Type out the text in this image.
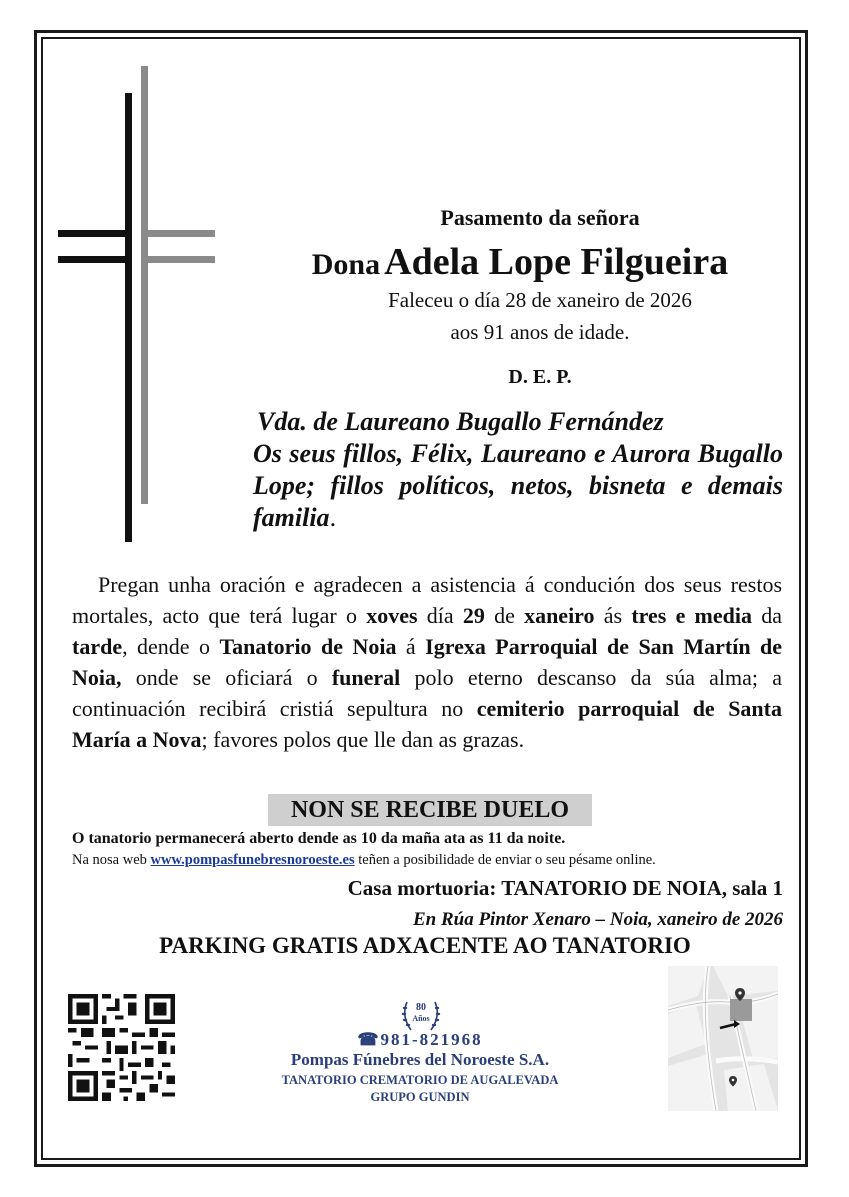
Pasamento da señora
Dona Adela Lope Filgueira
Faleceu o día 28 de xaneiro de 2026
aos 91 anos de idade.
D. E. P.
Vda. de Laureano Bugallo Fernández
Os seus fillos, Félix, Laureano e Aurora Bugallo Lope; fillos políticos, netos, bisneta e demais familia.
Pregan unha oración e agradecen a asistencia á condución dos seus restos mortales, acto que terá lugar o xoves día 29 de xaneiro ás tres e media da tarde, dende o Tanatorio de Noia á Igrexa Parroquial de San Martín de Noia, onde se oficiará o funeral polo eterno descanso da súa alma; a continuación recibirá cristiá sepultura no cemiterio parroquial de Santa María a Nova; favores polos que lle dan as grazas.
NON SE RECIBE DUELO
O tanatorio permanecerá aberto dende as 10 da maña ata as 11 da noite.
Na nosa web www.pompasfunebresnoroeste.es teñen a posibilidade de enviar o seu pésame online.
Casa mortuoria: TANATORIO DE NOIA, sala 1
En Rúa Pintor Xenaro – Noia, xaneiro de 2026
PARKING GRATIS ADXACENTE AO TANATORIO
80
Años
☎981-821968
Pompas Fúnebres del Noroeste S.A.
TANATORIO CREMATORIO DE AUGALEVADA
GRUPO GUNDIN
